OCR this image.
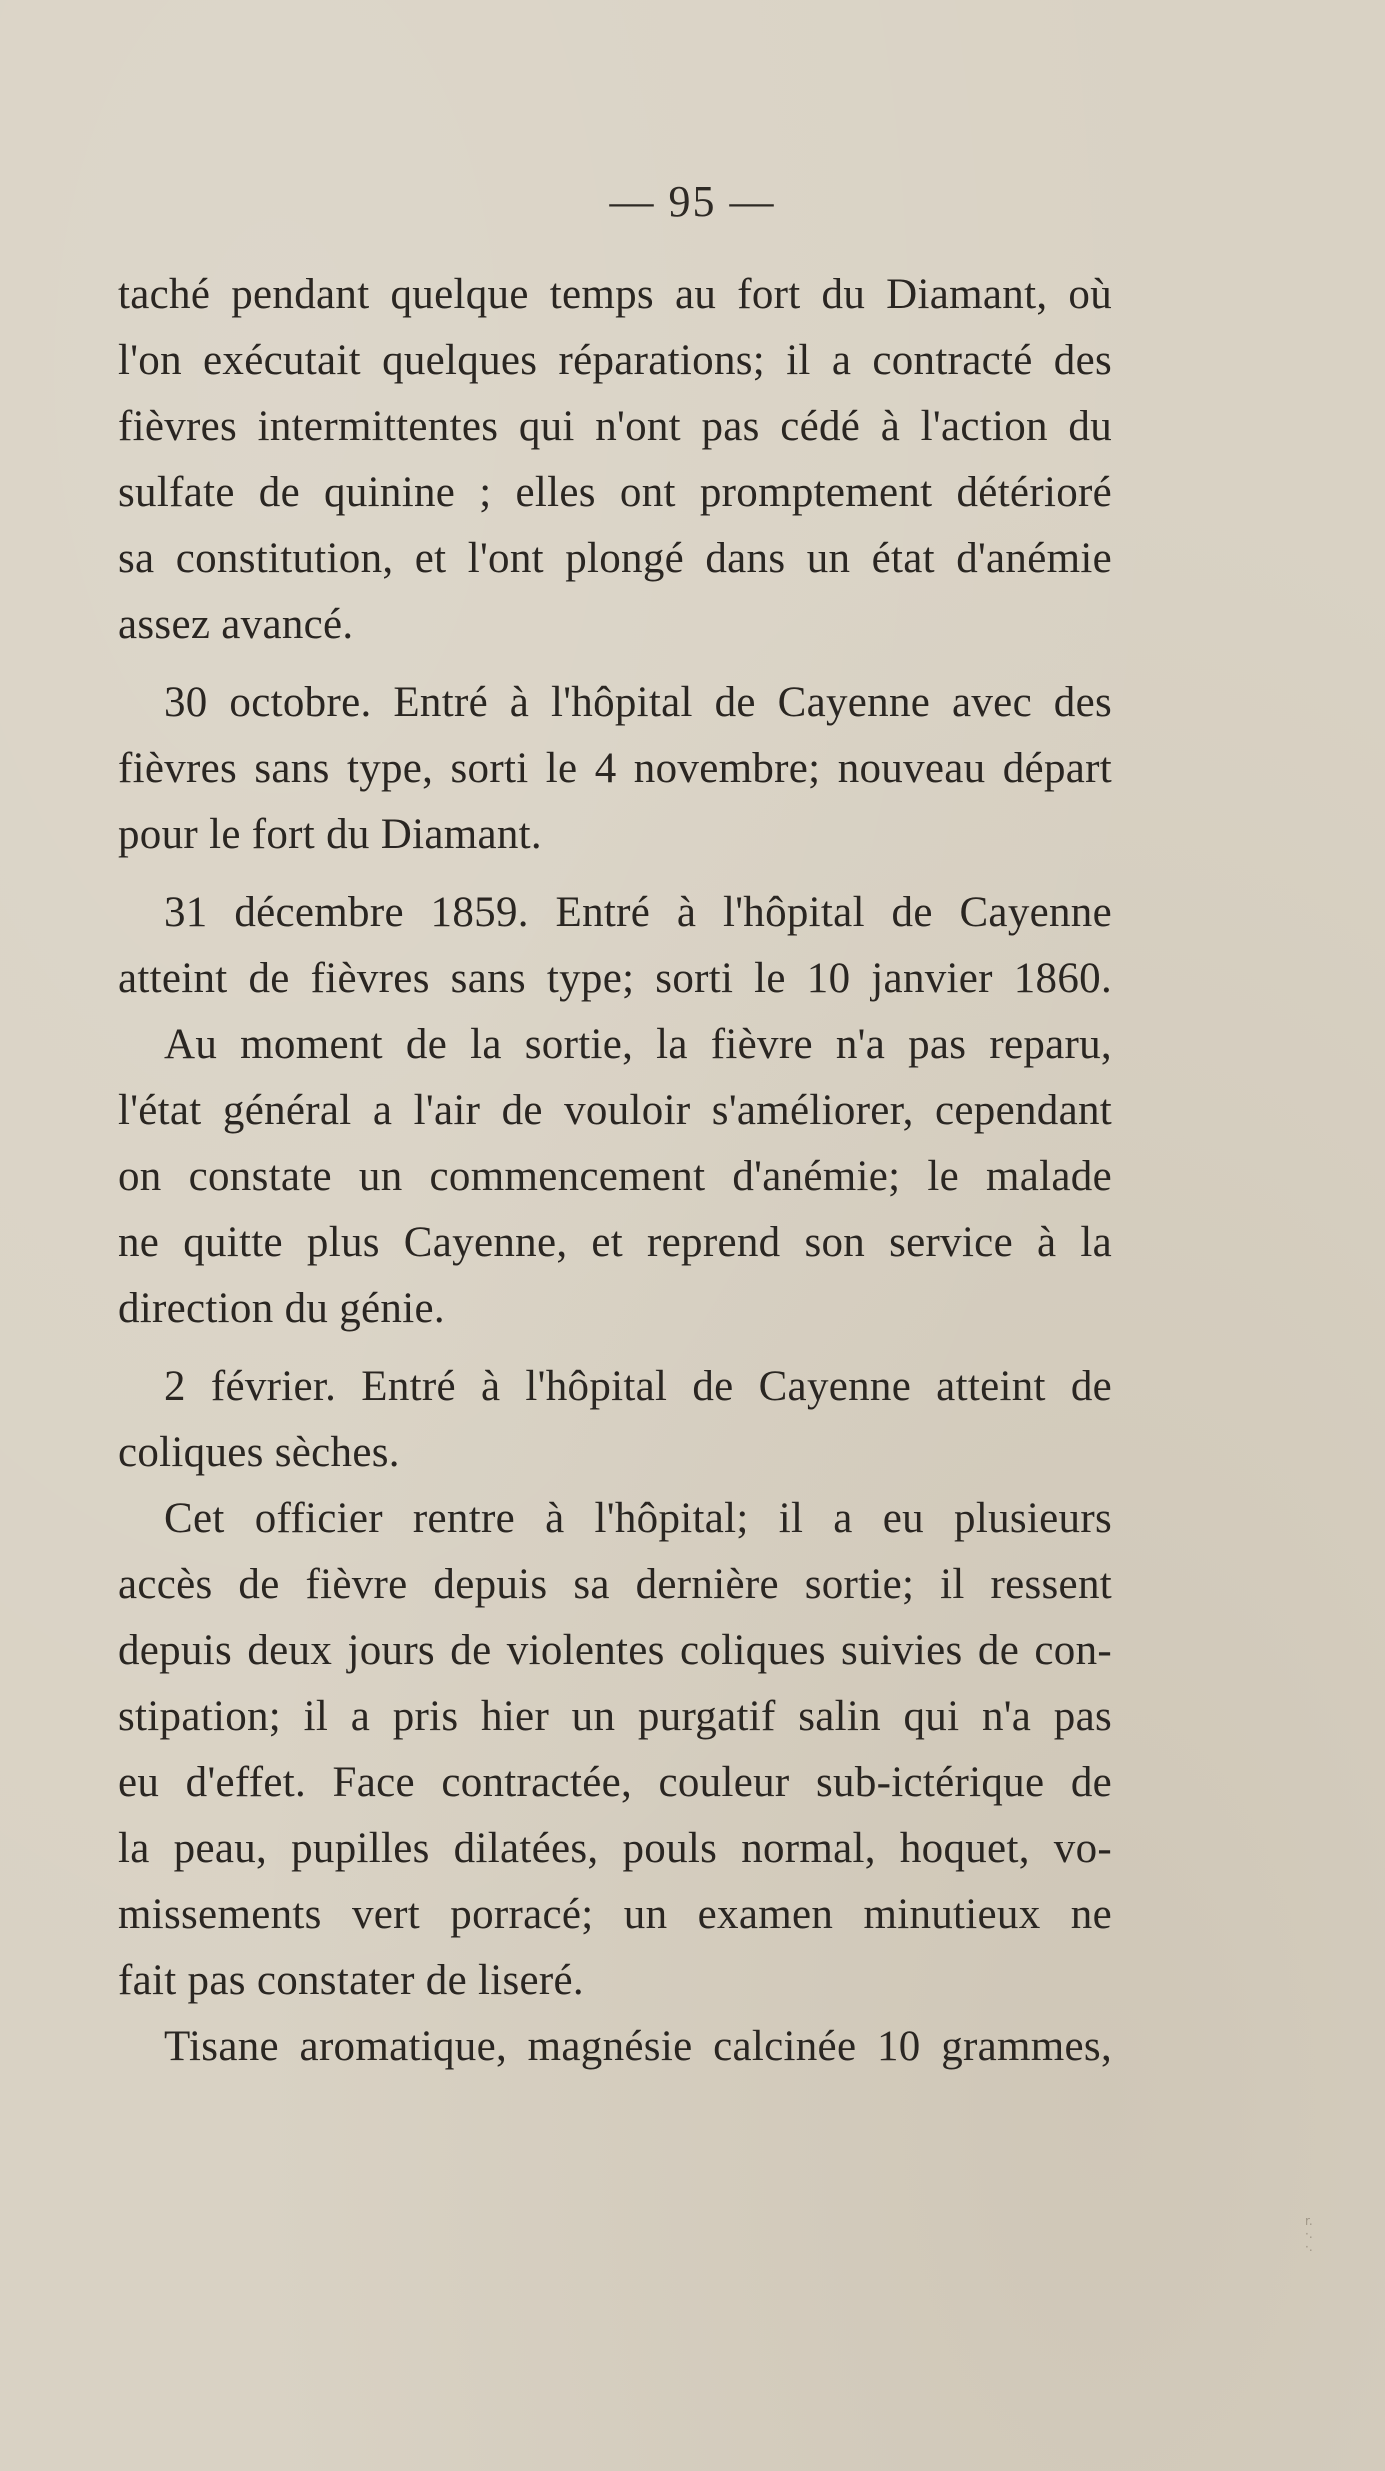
— 95 —
taché pendant quelque temps au fort du Diamant, où
l'on exécutait quelques réparations; il a contracté des
fièvres intermittentes qui n'ont pas cédé à l'action du
sulfate de quinine ; elles ont promptement détérioré
sa constitution, et l'ont plongé dans un état d'anémie
assez avancé.
30 octobre. Entré à l'hôpital de Cayenne avec des
fièvres sans type, sorti le 4 novembre; nouveau départ
pour le fort du Diamant.
31 décembre 1859. Entré à l'hôpital de Cayenne
atteint de fièvres sans type; sorti le 10 janvier 1860.
Au moment de la sortie, la fièvre n'a pas reparu,
l'état général a l'air de vouloir s'améliorer, cependant
on constate un commencement d'anémie; le malade
ne quitte plus Cayenne, et reprend son service à la
direction du génie.
2 février. Entré à l'hôpital de Cayenne atteint de
coliques sèches.
Cet officier rentre à l'hôpital; il a eu plusieurs
accès de fièvre depuis sa dernière sortie; il ressent
depuis deux jours de violentes coliques suivies de con-
stipation; il a pris hier un purgatif salin qui n'a pas
eu d'effet. Face contractée, couleur sub-ictérique de
la peau, pupilles dilatées, pouls normal, hoquet, vo-
missements vert porracé; un examen minutieux ne
fait pas constater de liseré.
Tisane aromatique, magnésie calcinée 10 grammes,
r. ·. ·.
